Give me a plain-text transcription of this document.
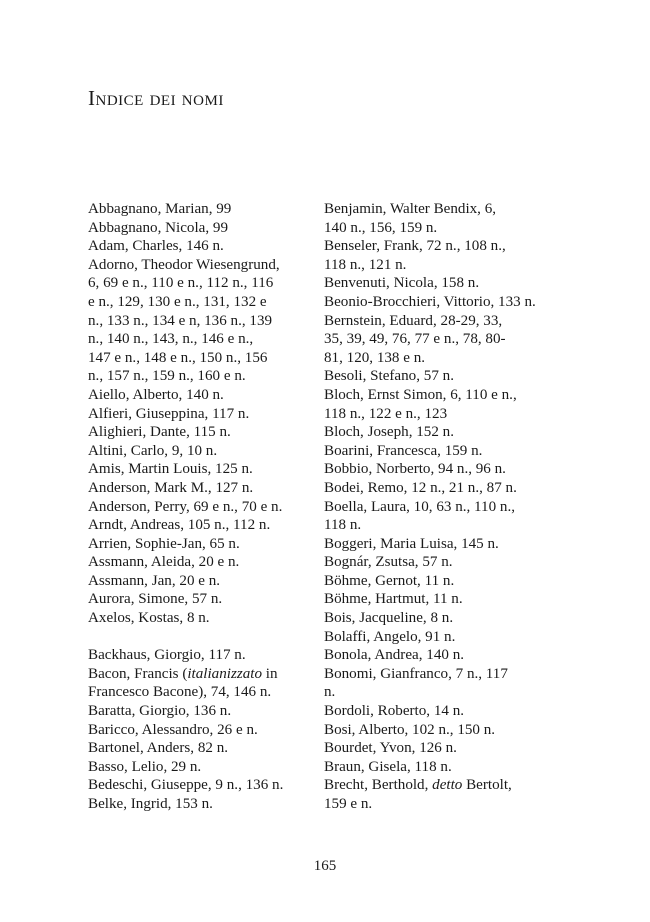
Indice dei nomi
Abbagnano, Marian, 99
Abbagnano, Nicola, 99
Adam, Charles, 146 n.
Adorno, Theodor Wiesengrund,
6, 69 e n., 110 e n., 112 n., 116
e n., 129, 130 e n., 131, 132 e
n., 133 n., 134 e n, 136 n., 139
n., 140 n., 143, n., 146 e n.,
147 e n., 148 e n., 150 n., 156
n., 157 n., 159 n., 160 e n.
Aiello, Alberto, 140 n.
Alfieri, Giuseppina, 117 n.
Alighieri, Dante, 115 n.
Altini, Carlo, 9, 10 n.
Amis, Martin Louis, 125 n.
Anderson, Mark M., 127 n.
Anderson, Perry, 69 e n., 70 e n.
Arndt, Andreas, 105 n., 112 n.
Arrien, Sophie-Jan, 65 n.
Assmann, Aleida, 20 e n.
Assmann, Jan, 20 e n.
Aurora, Simone, 57 n.
Axelos, Kostas, 8 n.
Backhaus, Giorgio, 117 n.
Bacon, Francis (italianizzato in
Francesco Bacone), 74, 146 n.
Baratta, Giorgio, 136 n.
Baricco, Alessandro, 26 e n.
Bartonel, Anders, 82 n.
Basso, Lelio, 29 n.
Bedeschi, Giuseppe, 9 n., 136 n.
Belke, Ingrid, 153 n.
Benjamin, Walter Bendix, 6,
140 n., 156, 159 n.
Benseler, Frank, 72 n., 108 n.,
118 n., 121 n.
Benvenuti, Nicola, 158 n.
Beonio-Brocchieri, Vittorio, 133 n.
Bernstein, Eduard, 28-29, 33,
35, 39, 49, 76, 77 e n., 78, 80-
81, 120, 138 e n.
Besoli, Stefano, 57 n.
Bloch, Ernst Simon, 6, 110 e n.,
118 n., 122 e n., 123
Bloch, Joseph, 152 n.
Boarini, Francesca, 159 n.
Bobbio, Norberto, 94 n., 96 n.
Bodei, Remo, 12 n., 21 n., 87 n.
Boella, Laura, 10, 63 n., 110 n.,
118 n.
Boggeri, Maria Luisa, 145 n.
Bognár, Zsutsa, 57 n.
Böhme, Gernot, 11 n.
Böhme, Hartmut, 11 n.
Bois, Jacqueline, 8 n.
Bolaffi, Angelo, 91 n.
Bonola, Andrea, 140 n.
Bonomi, Gianfranco, 7 n., 117
n.
Bordoli, Roberto, 14 n.
Bosi, Alberto, 102 n., 150 n.
Bourdet, Yvon, 126 n.
Braun, Gisela, 118 n.
Brecht, Berthold, detto Bertolt,
159 e n.
165
